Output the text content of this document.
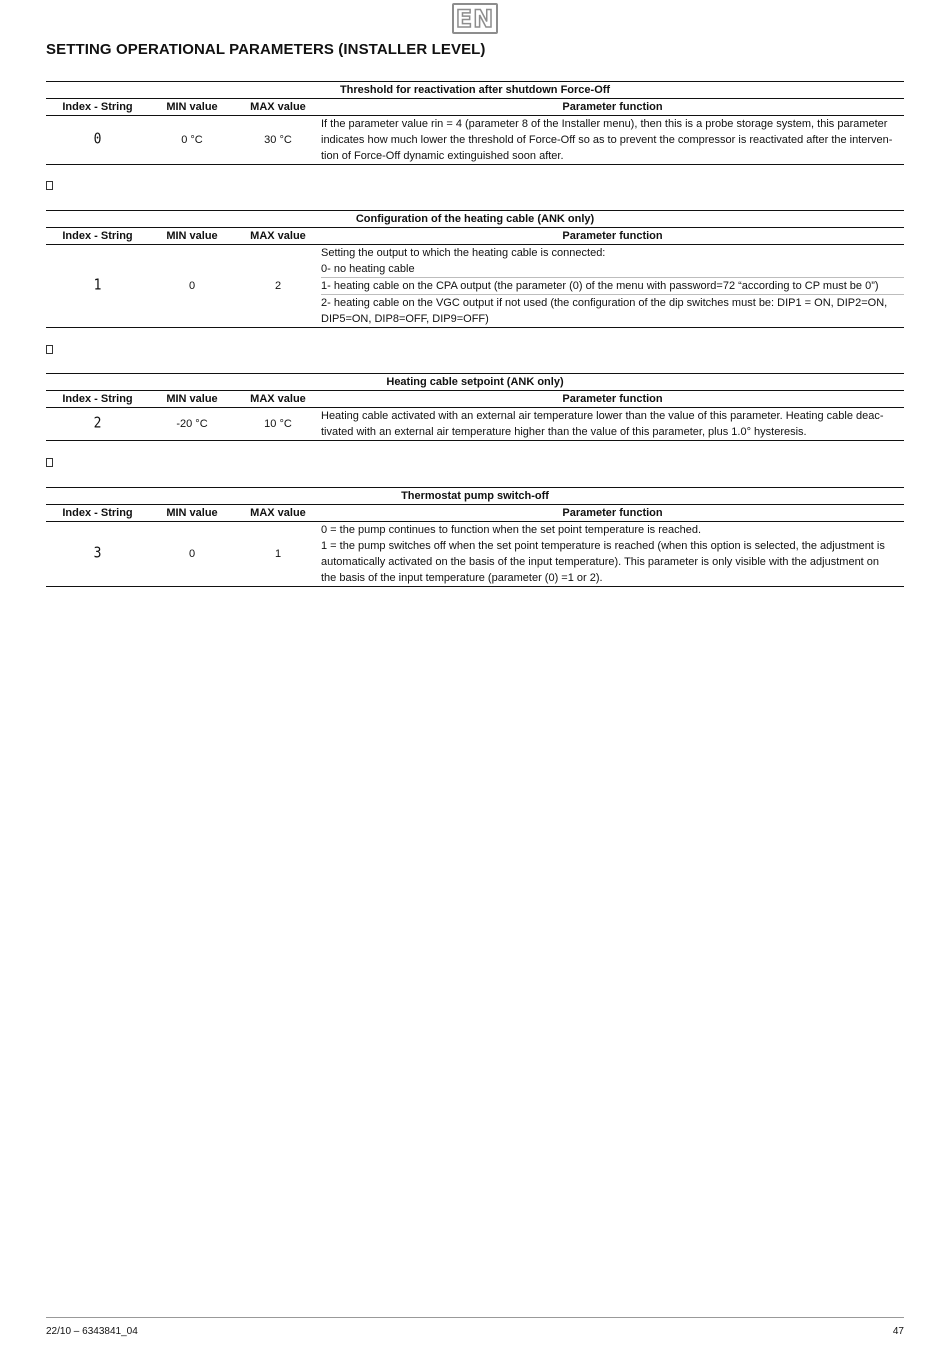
EN
SETTING OPERATIONAL PARAMETERS (INSTALLER LEVEL)
Threshold for reactivation after shutdown Force-Off			
Index - String	MIN value	MAX value	Parameter function
0	0 °C	30 °C	If the parameter value rin = 4 (parameter 8 of the Installer menu), then this is a probe storage system, this parameter
indicates how much lower the threshold of Force-Off so as to prevent the compressor is reactivated after the interven-
tion of Force-Off dynamic extinguished soon after.
Configuration of the heating cable (ANK only)			
Index - String	MIN value	MAX value	Parameter function
1	0	2	Setting the output to which the heating cable is connected:
0- no heating cable
1- heating cable on the CPA output (the parameter (0) of the menu with password=72 “according to CP must be 0”)
2- heating cable on the VGC output if not used (the configuration of the dip switches must be: DIP1 = ON, DIP2=ON,
DIP5=ON, DIP8=OFF, DIP9=OFF)
Heating cable setpoint (ANK only)			
Index - String	MIN value	MAX value	Parameter function
2	-20 °C	10 °C	Heating cable activated with an external air temperature lower than the value of this parameter. Heating cable deac-
tivated with an external air temperature higher than the value of this parameter, plus 1.0° hysteresis.
Thermostat pump switch-off			
Index - String	MIN value	MAX value	Parameter function
3	0	1	0 = the pump continues to function when the set point temperature is reached.
1 = the pump switches off when the set point temperature is reached (when this option is selected, the adjustment is
automatically activated on the basis of the input temperature). This parameter is only visible with the adjustment on
the basis of the input temperature (parameter (0) =1 or 2).
22/10 – 6343841_04	47
